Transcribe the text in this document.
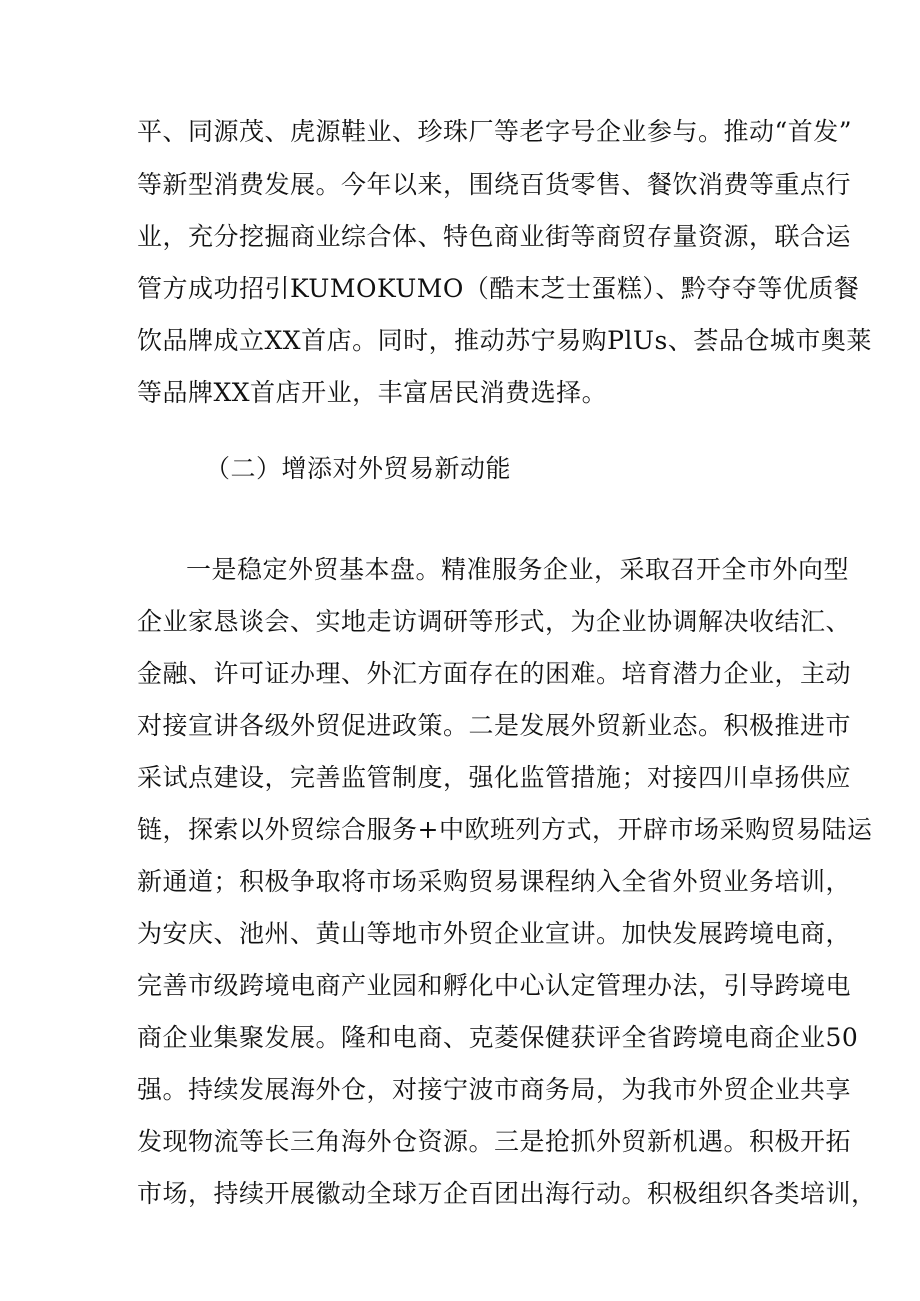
平、同源茂、虎源鞋业、珍珠厂等老字号企业参与。推动“首发”
等新型消费发展。今年以来，围绕百货零售、餐饮消费等重点行
业，充分挖掘商业综合体、特色商业街等商贸存量资源，联合运
管方成功招引KUMOKUMO（酷末芝士蛋糕）、黔夺夺等优质餐
饮品牌成立XX首店。同时，推动苏宁易购PlUs、荟品仓城市奥莱
等品牌XX首店开业，丰富居民消费选择。
（二）增添对外贸易新动能
一是稳定外贸基本盘。精准服务企业，采取召开全市外向型
企业家恳谈会、实地走访调研等形式，为企业协调解决收结汇、
金融、许可证办理、外汇方面存在的困难。培育潜力企业，主动
对接宣讲各级外贸促进政策。二是发展外贸新业态。积极推进市
采试点建设，完善监管制度，强化监管措施；对接四川卓扬供应
链，探索以外贸综合服务+中欧班列方式，开辟市场采购贸易陆运
新通道；积极争取将市场采购贸易课程纳入全省外贸业务培训，
为安庆、池州、黄山等地市外贸企业宣讲。加快发展跨境电商，
完善市级跨境电商产业园和孵化中心认定管理办法，引导跨境电
商企业集聚发展。隆和电商、克菱保健获评全省跨境电商企业50
强。持续发展海外仓，对接宁波市商务局，为我市外贸企业共享
发现物流等长三角海外仓资源。三是抢抓外贸新机遇。积极开拓
市场，持续开展徽动全球万企百团出海行动。积极组织各类培训，
